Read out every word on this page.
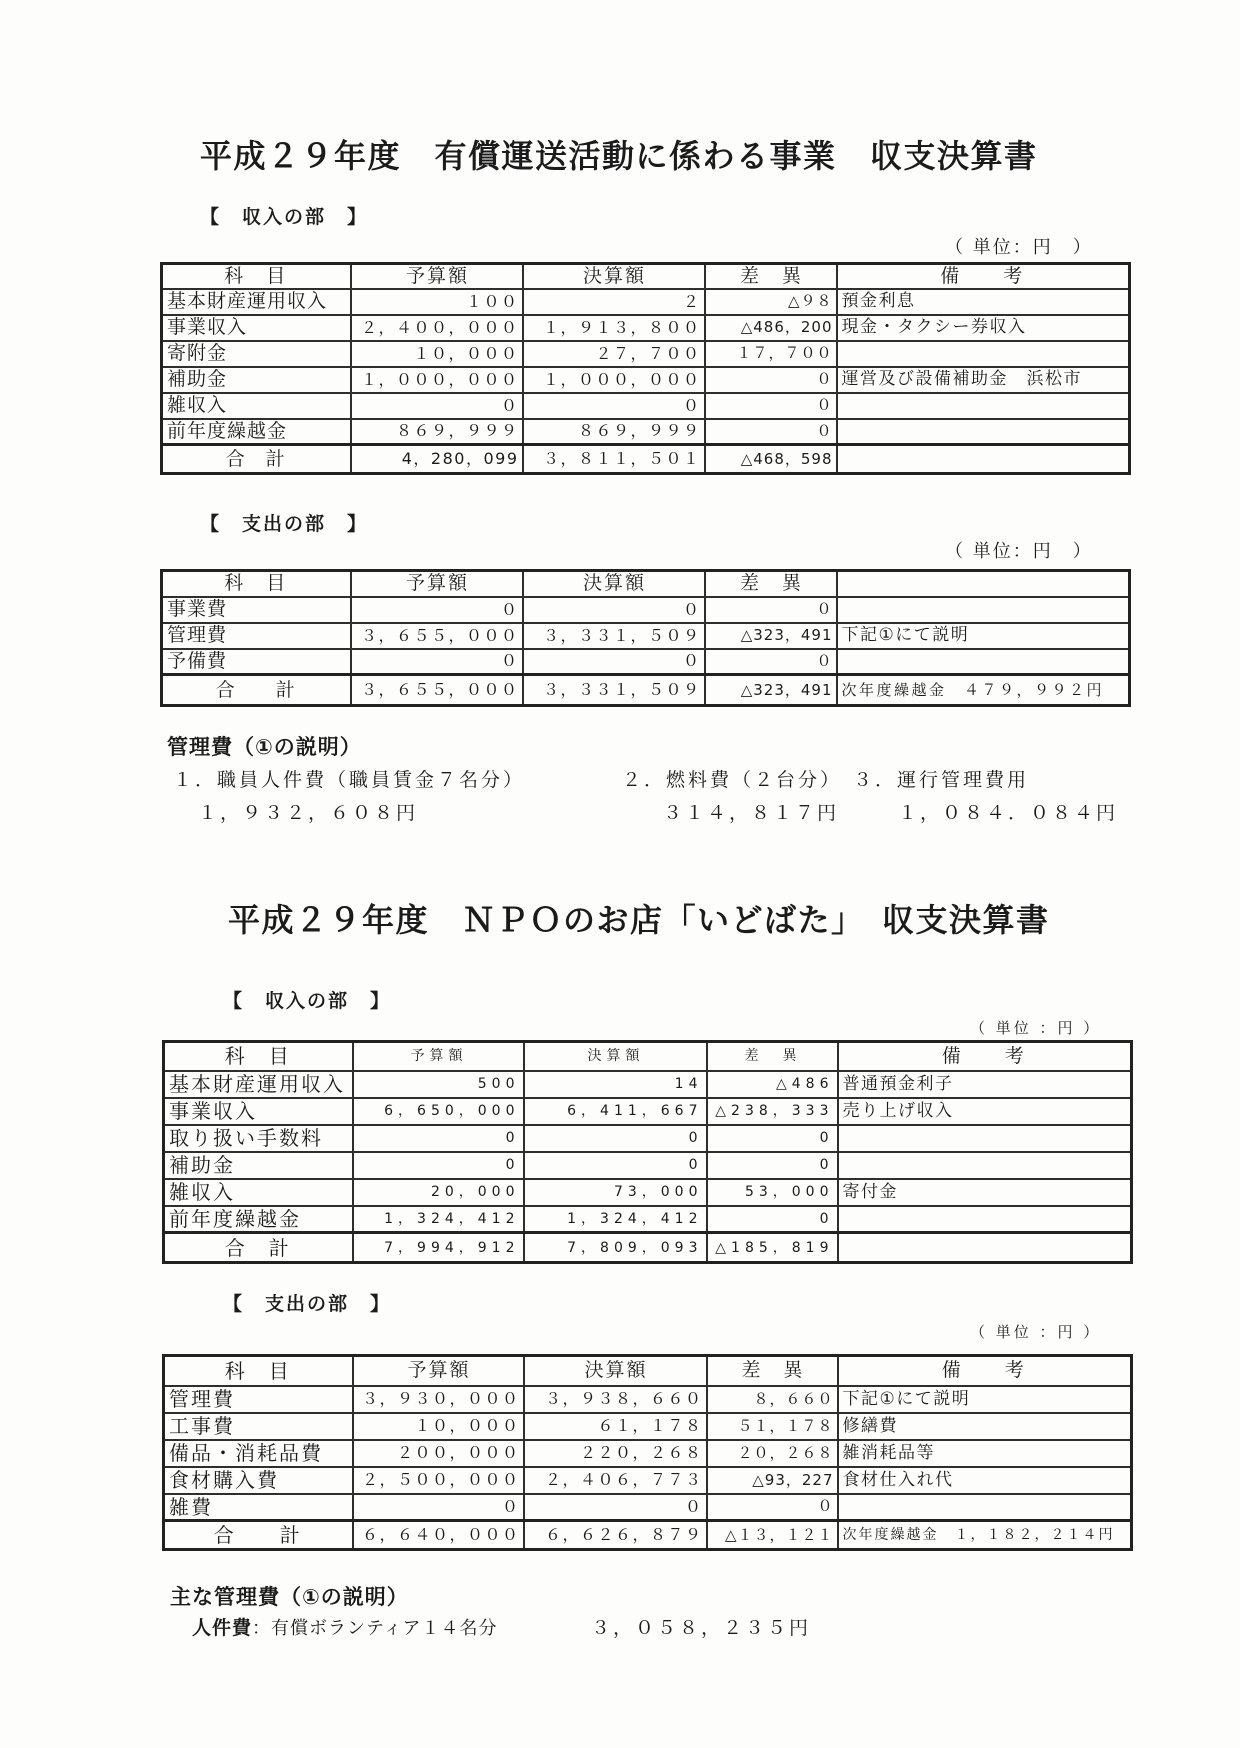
平成２９年度　有償運送活動に係わる事業　収支決算書
【　収入の部　】
（ 単位：円　）
科　目	予算額	決算額	差　異	備　　考
基本財産運用収入	１００	２	△９８	預金利息
事業収入	２，４００，０００	１，９１３，８００	△486，200	現金・タクシー券収入
寄附金	１０，０００	２７，７００	１７，７００	
補助金	１，０００，０００	１，０００，０００	０	運営及び設備補助金　浜松市
雑収入	０	０	０	
前年度繰越金	８６９，９９９	８６９，９９９	０	
合　計	4，280，099	３，８１１，５０１	△468，598	
【　支出の部　】
（ 単位：円　）
科　目	予算額	決算額	差　異	
事業費	０	０	０	
管理費	３，６５５，０００	３，３３１，５０９	△323，491	下記①にて説明
予備費	０	０	０	
合　　計	３，６５５，０００	３，３３１，５０９	△323，491	次年度繰越金　４７９，９９２円
管理費（①の説明）
１．職員人件費（職員賃金７名分）	２．燃料費（２台分） ３．運行管理費用
１，９３２，６０８円	３１４，８１７円	１，０８４．０８４円
平成２９年度　ＮＰＯのお店「いどばた」　収支決算書
【　収入の部　】
（ 単位 ：円 ）
科　目	予算額	決算額	差　異	備　　考
基本財産運用収入	500	14	△486	普通預金利子
事業収入	6，650，000	6，411，667	△238，333	売り上げ収入
取り扱い手数料	0	0	0	
補助金	0	0	0	
雑収入	20，000	73，000	53，000	寄付金
前年度繰越金	1，324，412	1，324，412	0	
合　計	7，994，912	7，809，093	△185，819	
【　支出の部　】
（ 単位 ：円 ）
科　目	予算額	決算額	差　異	備　　考
管理費	３，９３０，０００	３，９３８，６６０	８，６６０	下記①にて説明
工事費	１０，０００	６１，１７８	５１，１７８	修繕費
備品・消耗品費	２００，０００	２２０，２６８	２０，２６８	雑消耗品等
食材購入費	２，５００，０００	２，４０６，７７３	△93，227	食材仕入れ代
雑費	０	０	０	
合　　計	６，６４０，０００	６，６２６，８７９	△１３，１２１	次年度繰越金　１，１８２，２１４円
主な管理費（①の説明）
人件費 ：有償ボランティア１４名分	３，０５８，２３５円
